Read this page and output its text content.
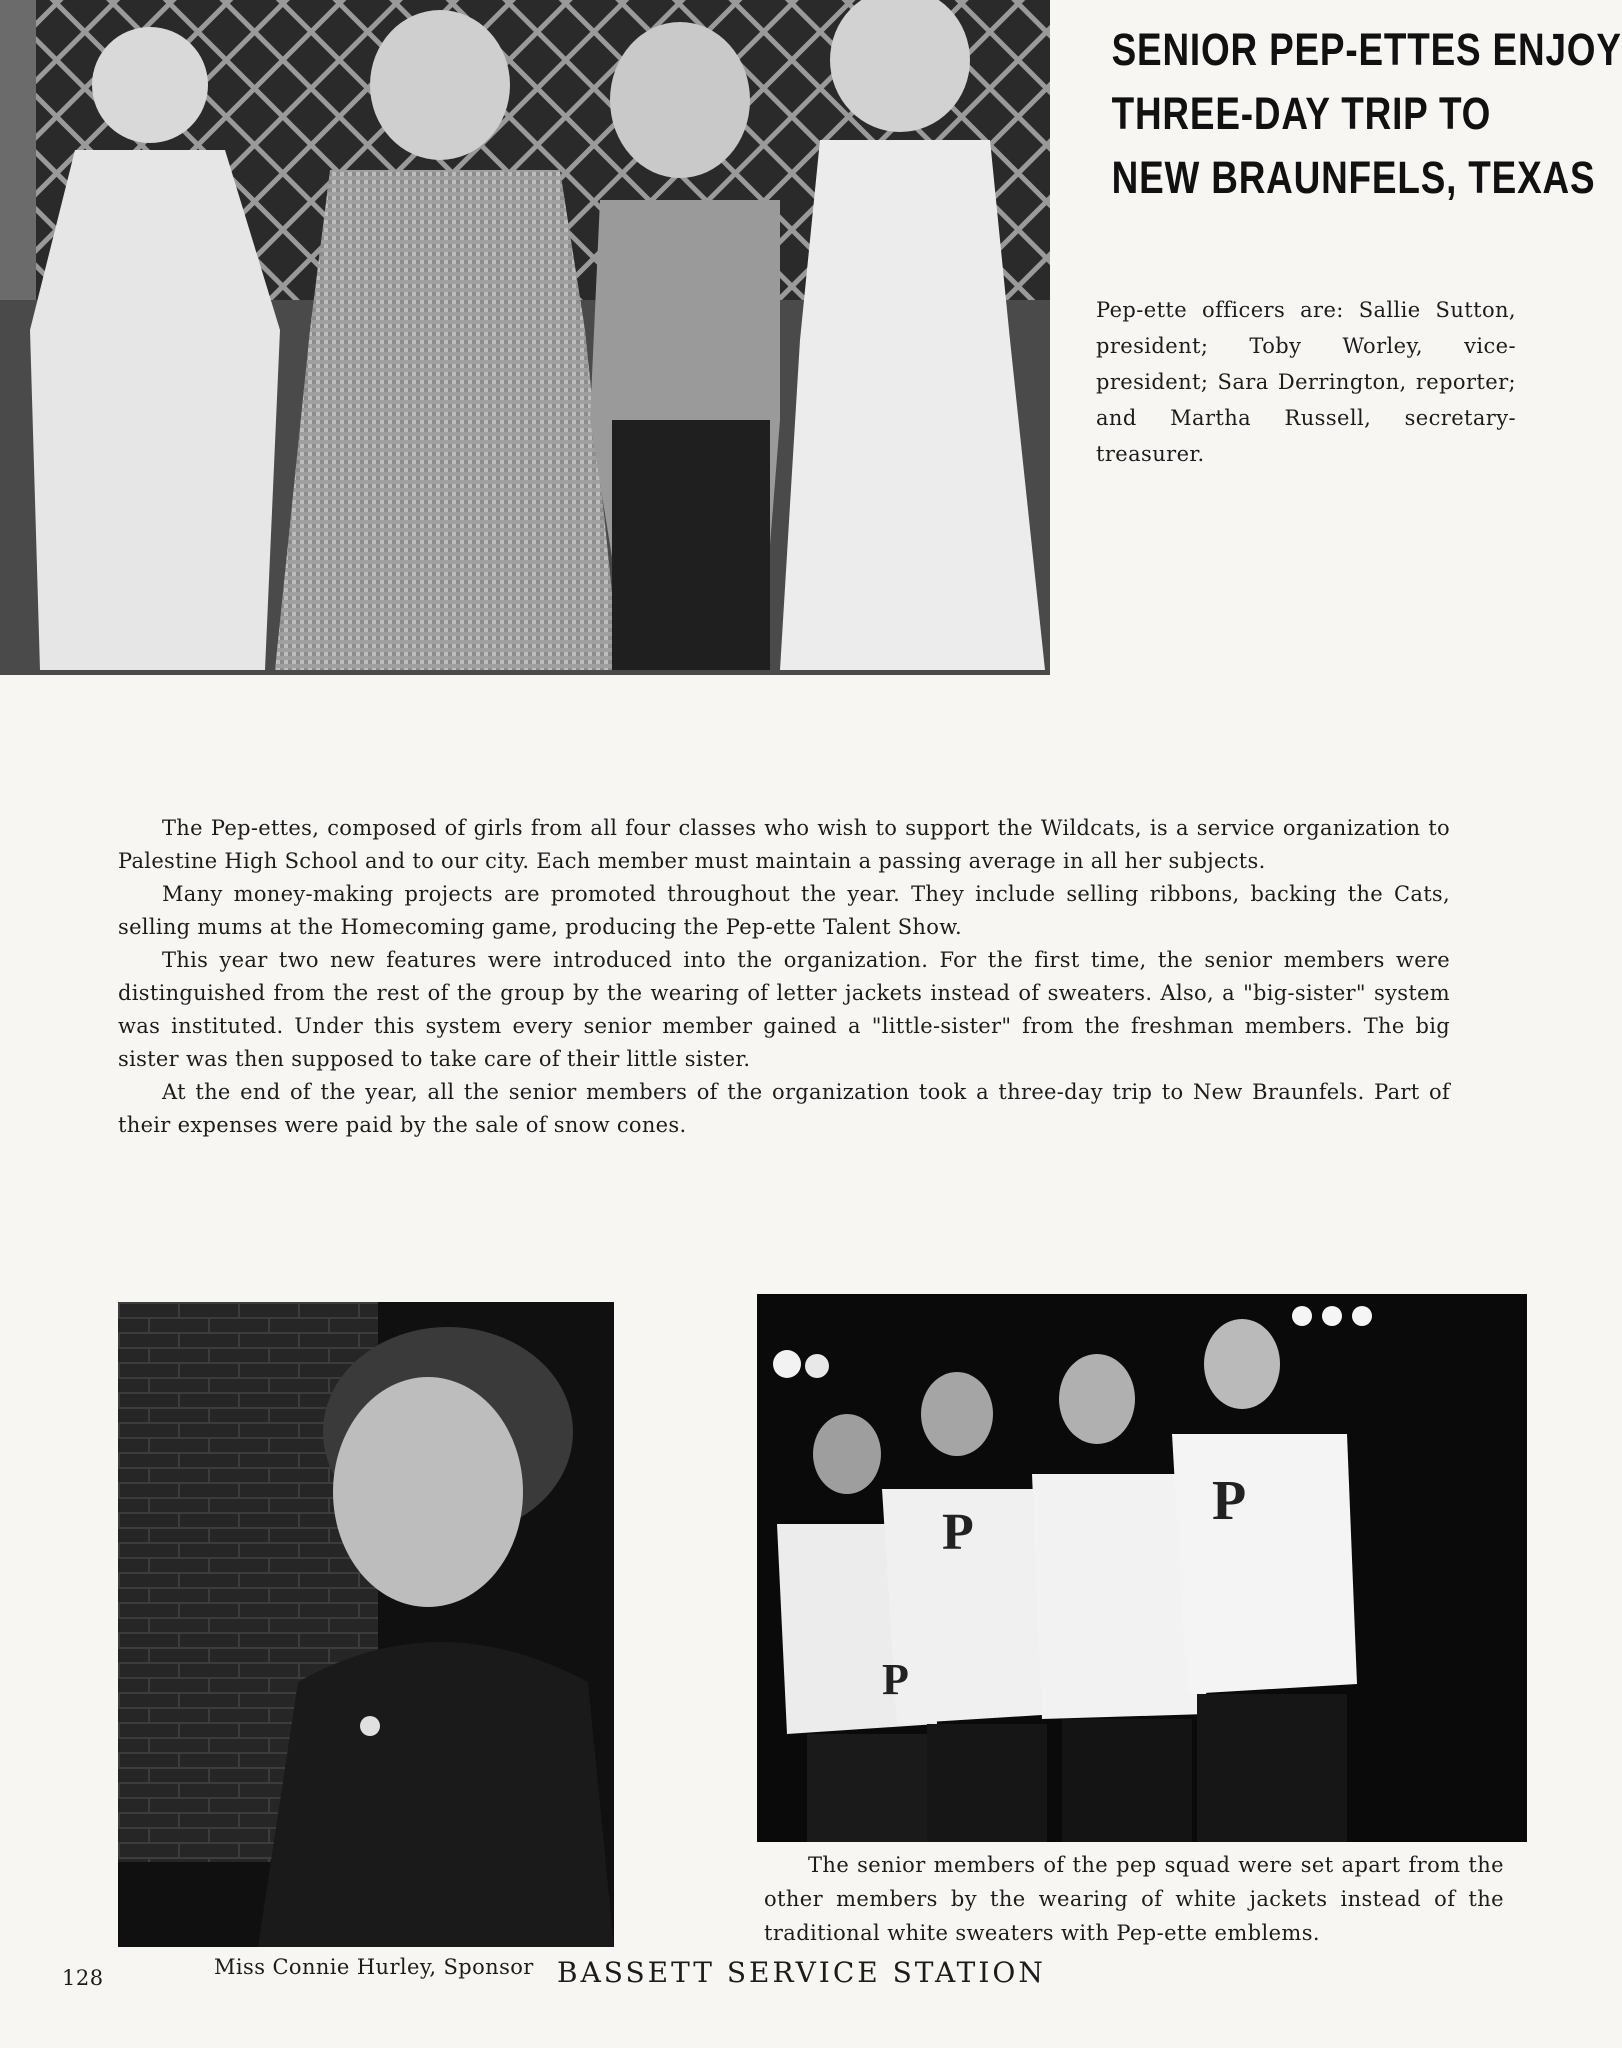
SENIOR PEP-ETTES ENJOY
THREE-DAY TRIP TO
NEW BRAUNFELS, TEXAS
Pep-ette officers are: Sallie Sutton, president; Toby Worley, vice-president; Sara Derrington, reporter; and Martha Russell, secretary-treasurer.

The Pep-ettes, composed of girls from all four classes who wish to support the Wildcats, is a service organization to Palestine High School and to our city. Each member must maintain a passing average in all her subjects.

Many money-making projects are promoted throughout the year. They include selling ribbons, backing the Cats, selling mums at the Homecoming game, producing the Pep-ette Talent Show.

This year two new features were introduced into the organization. For the first time, the senior members were distinguished from the rest of the group by the wearing of letter jackets instead of sweaters. Also, a "big-sister" system was instituted. Under this system every senior member gained a "little-sister" from the freshman members. The big sister was then supposed to take care of their little sister.

At the end of the year, all the senior members of the organization took a three-day trip to New Braunfels. Part of their expenses were paid by the sale of snow cones.

P
P
P
The senior members of the pep squad were set apart from the other members by the wearing of white jackets instead of the traditional white sweaters with Pep-ette emblems.
128	Miss Connie Hurley, Sponsor BASSETT SERVICE STATION
